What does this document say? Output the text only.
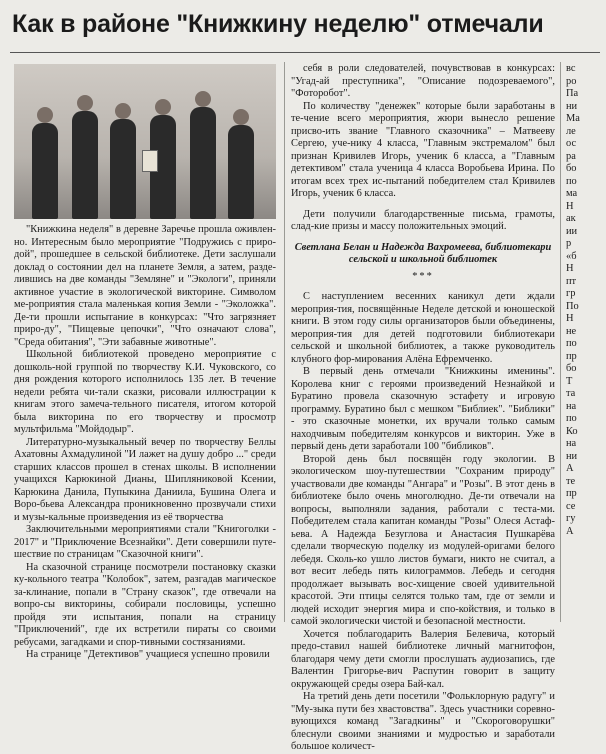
Как в районе "Книжкину неделю" отмечали

"Книжкина неделя" в деревне Заречье прошла оживлен-но. Интересным было мероприятие "Подружись с приро-дой", прошедшее в сельской библиотеке. Дети заслушали доклад о состоянии дел на планете Земля, а затем, разде-лившись на две команды "Земляне" и "Экологи", приняли активное участие в экологической викторине. Символом ме-роприятия стала маленькая копия Земли - "Эколожка". Де-ти прошли испытание в конкурсах: "Что загрязняет приро-ду", "Пищевые цепочки", "Что означают слова", "Среда обитания", "Эти забавные животные".

Школьной библиотекой проведено мероприятие с дошколь-ной группой по творчеству К.И. Чуковского, со дня рождения которого исполнилось 135 лет. В течение недели ребята чи-тали сказки, рисовали иллюстрации к книгам этого замеча-тельного писателя, итогом которой была викторина по его творчеству и просмотр мультфильма "Мойдодыр".

Литературно-музыкальный вечер по творчеству Беллы Ахатовны Ахмадулиной "И лажет на душу добро ..." среди старших классов прошел в стенах школы. В исполнении учащихся Карюкиной Дианы, Шипляниковой Ксении, Карюкина Данила, Пупыкина Даниила, Бушина Олега и Воро-бьева Александра проникновенно прозвучали стихи и музы-кальные произведения из её творчества

Заключительными мероприятиями стали "Книгоголки - 2017" и "Приключение Всезнайки". Дети совершили путе-шествие по страницам "Сказочной книги".

На сказочной странице посмотрели постановку сказки ку-кольного театра "Колобок", затем, разгадав магическое за-клинание, попали в "Страну сказок", где отвечали на вопро-сы викторины, собирали пословицы, успешно пройдя эти испытания, попали на страницу "Приключений", где их встретили пираты со своими ребусами, загадками и спор-тивными состязаниями.

На странице "Детективов" учащиеся успешно провили

себя в роли следователей, почувствовав в конкурсах: "Угад-ай преступника", "Описание подозреваемого", "Фоторобот".

По количеству "денежек" которые были заработаны в те-чение всего мероприятия, жюри вынесло решение присво-ить звание "Главного сказочника" – Матвееву Сергею, уче-нику 4 класса, "Главным экстремалом" был признан Кривилев Игорь, ученик 6 класса, а "Главным детективом" стала ученица 4 класса Воробьева Ирина. По итогам всех трех ис-пытаний победителем стал Кривилев Игорь, ученик 6 класса.

Дети получили благодарственные письма, грамоты, слад-кие призы и массу положительных эмоций.

Светлана Белан и Надежда Вахромеева, библиотекари сельской и школьной библиотек

***

С наступлением весенних каникул дети ждали мероприя-тия, посвящённые Неделе детской и юношеской книги. В этом году силы организаторов были объединены, мероприя-тия для детей подготовили библиотекари сельской и школьной библиотек, а также руководитель клубного фор-мирования Алёна Ефремченко.

В первый день отмечали "Книжкины именины". Королева книг с героями произведений Незнайкой и Буратино провела сказочную эстафету и игровую программу. Буратино был с мешком "Библиек". "Библики" - это сказочные монетки, их вручали только самым находчивым победителям конкурсов и викторин. Уже в первый день дети заработали 100 "библиков".

Второй день был посвящён году экологии. В экологическом шоу-путешествии "Сохраним природу" участвовали две команды "Ангара" и "Розы". В этот день в библиотеке было очень многолюдно. Де-ти отвечали на вопросы, выполняли задания, работали с теста-ми. Победителем стала капитан команды "Розы" Олеся Астаф-ьева. А Надежда Безуглова и Анастасия Пушкарёва сделали творческую поделку из модулей-оригами белого лебедя. Сколь-ко ушло листов бумаги, никто не считал, а вот весит лебедь пять килограммов. Лебедь и сегодня продолжает вызывать вос-хищение своей удивительной красотой. Эти птицы селятся только там, где от земли и людей исходит энергия мира и спо-койствия, и только в самой экологически чистой и безопасной местности.

Хочется поблагодарить Валерия Белевича, который предо-ставил нашей библиотеке личный магнитофон, благодаря чему дети смогли прослушать аудиозапись, где Валентин Григорье-вич Распутин говорит в защиту окружающей среды озера Бай-кал.

На третий день дети посетили "Фольклорную радугу" и "Му-зыка пути без хвастовства". Здесь участники соревно-вующихся команд "Загадкины" и "Скороговорушки" блеснули своими знаниями и мудростью и заработали большое количест-

вс

ро

Па

ни

Ма

ле

ос

ра

бо

по

ма

Н

ак

ии

р

«б

Н

пт

гр

По

Н

не

по

пр

бо

Т

та

на

по

Ко

на

ни

А

те

пр

се

гу

А
